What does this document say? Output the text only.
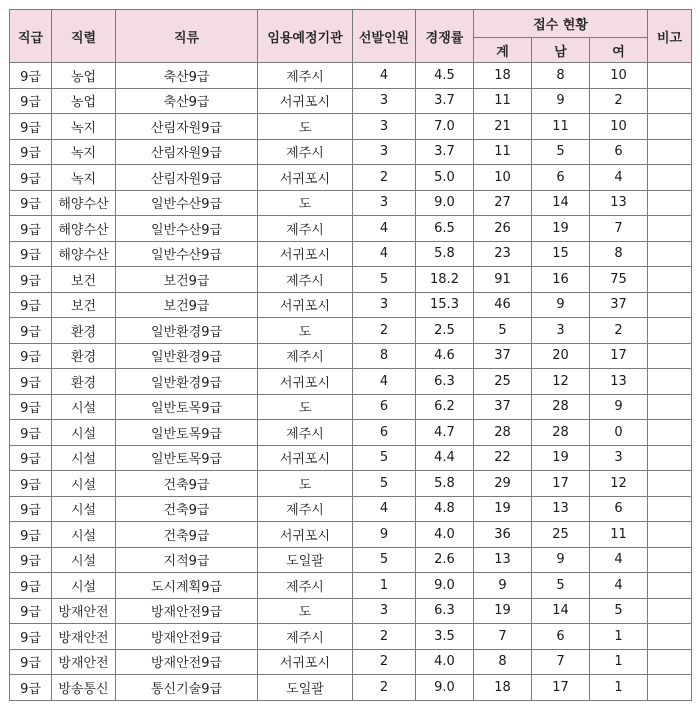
직급	직렬	직류	임용예정기관	선발인원	경쟁률	접수 현황			비고
						계	남	여	
9급	농업	축산9급	제주시	4	4.5	18	8	10	
9급	농업	축산9급	서귀포시	3	3.7	11	9	2	
9급	녹지	산림자원9급	도	3	7.0	21	11	10	
9급	녹지	산림자원9급	제주시	3	3.7	11	5	6	
9급	녹지	산림자원9급	서귀포시	2	5.0	10	6	4	
9급	해양수산	일반수산9급	도	3	9.0	27	14	13	
9급	해양수산	일반수산9급	제주시	4	6.5	26	19	7	
9급	해양수산	일반수산9급	서귀포시	4	5.8	23	15	8	
9급	보건	보건9급	제주시	5	18.2	91	16	75	
9급	보건	보건9급	서귀포시	3	15.3	46	9	37	
9급	환경	일반환경9급	도	2	2.5	5	3	2	
9급	환경	일반환경9급	제주시	8	4.6	37	20	17	
9급	환경	일반환경9급	서귀포시	4	6.3	25	12	13	
9급	시설	일반토목9급	도	6	6.2	37	28	9	
9급	시설	일반토목9급	제주시	6	4.7	28	28	0	
9급	시설	일반토목9급	서귀포시	5	4.4	22	19	3	
9급	시설	건축9급	도	5	5.8	29	17	12	
9급	시설	건축9급	제주시	4	4.8	19	13	6	
9급	시설	건축9급	서귀포시	9	4.0	36	25	11	
9급	시설	지적9급	도일괄	5	2.6	13	9	4	
9급	시설	도시계획9급	제주시	1	9.0	9	5	4	
9급	방재안전	방재안전9급	도	3	6.3	19	14	5	
9급	방재안전	방재안전9급	제주시	2	3.5	7	6	1	
9급	방재안전	방재안전9급	서귀포시	2	4.0	8	7	1	
9급	방송통신	통신기술9급	도일괄	2	9.0	18	17	1	
